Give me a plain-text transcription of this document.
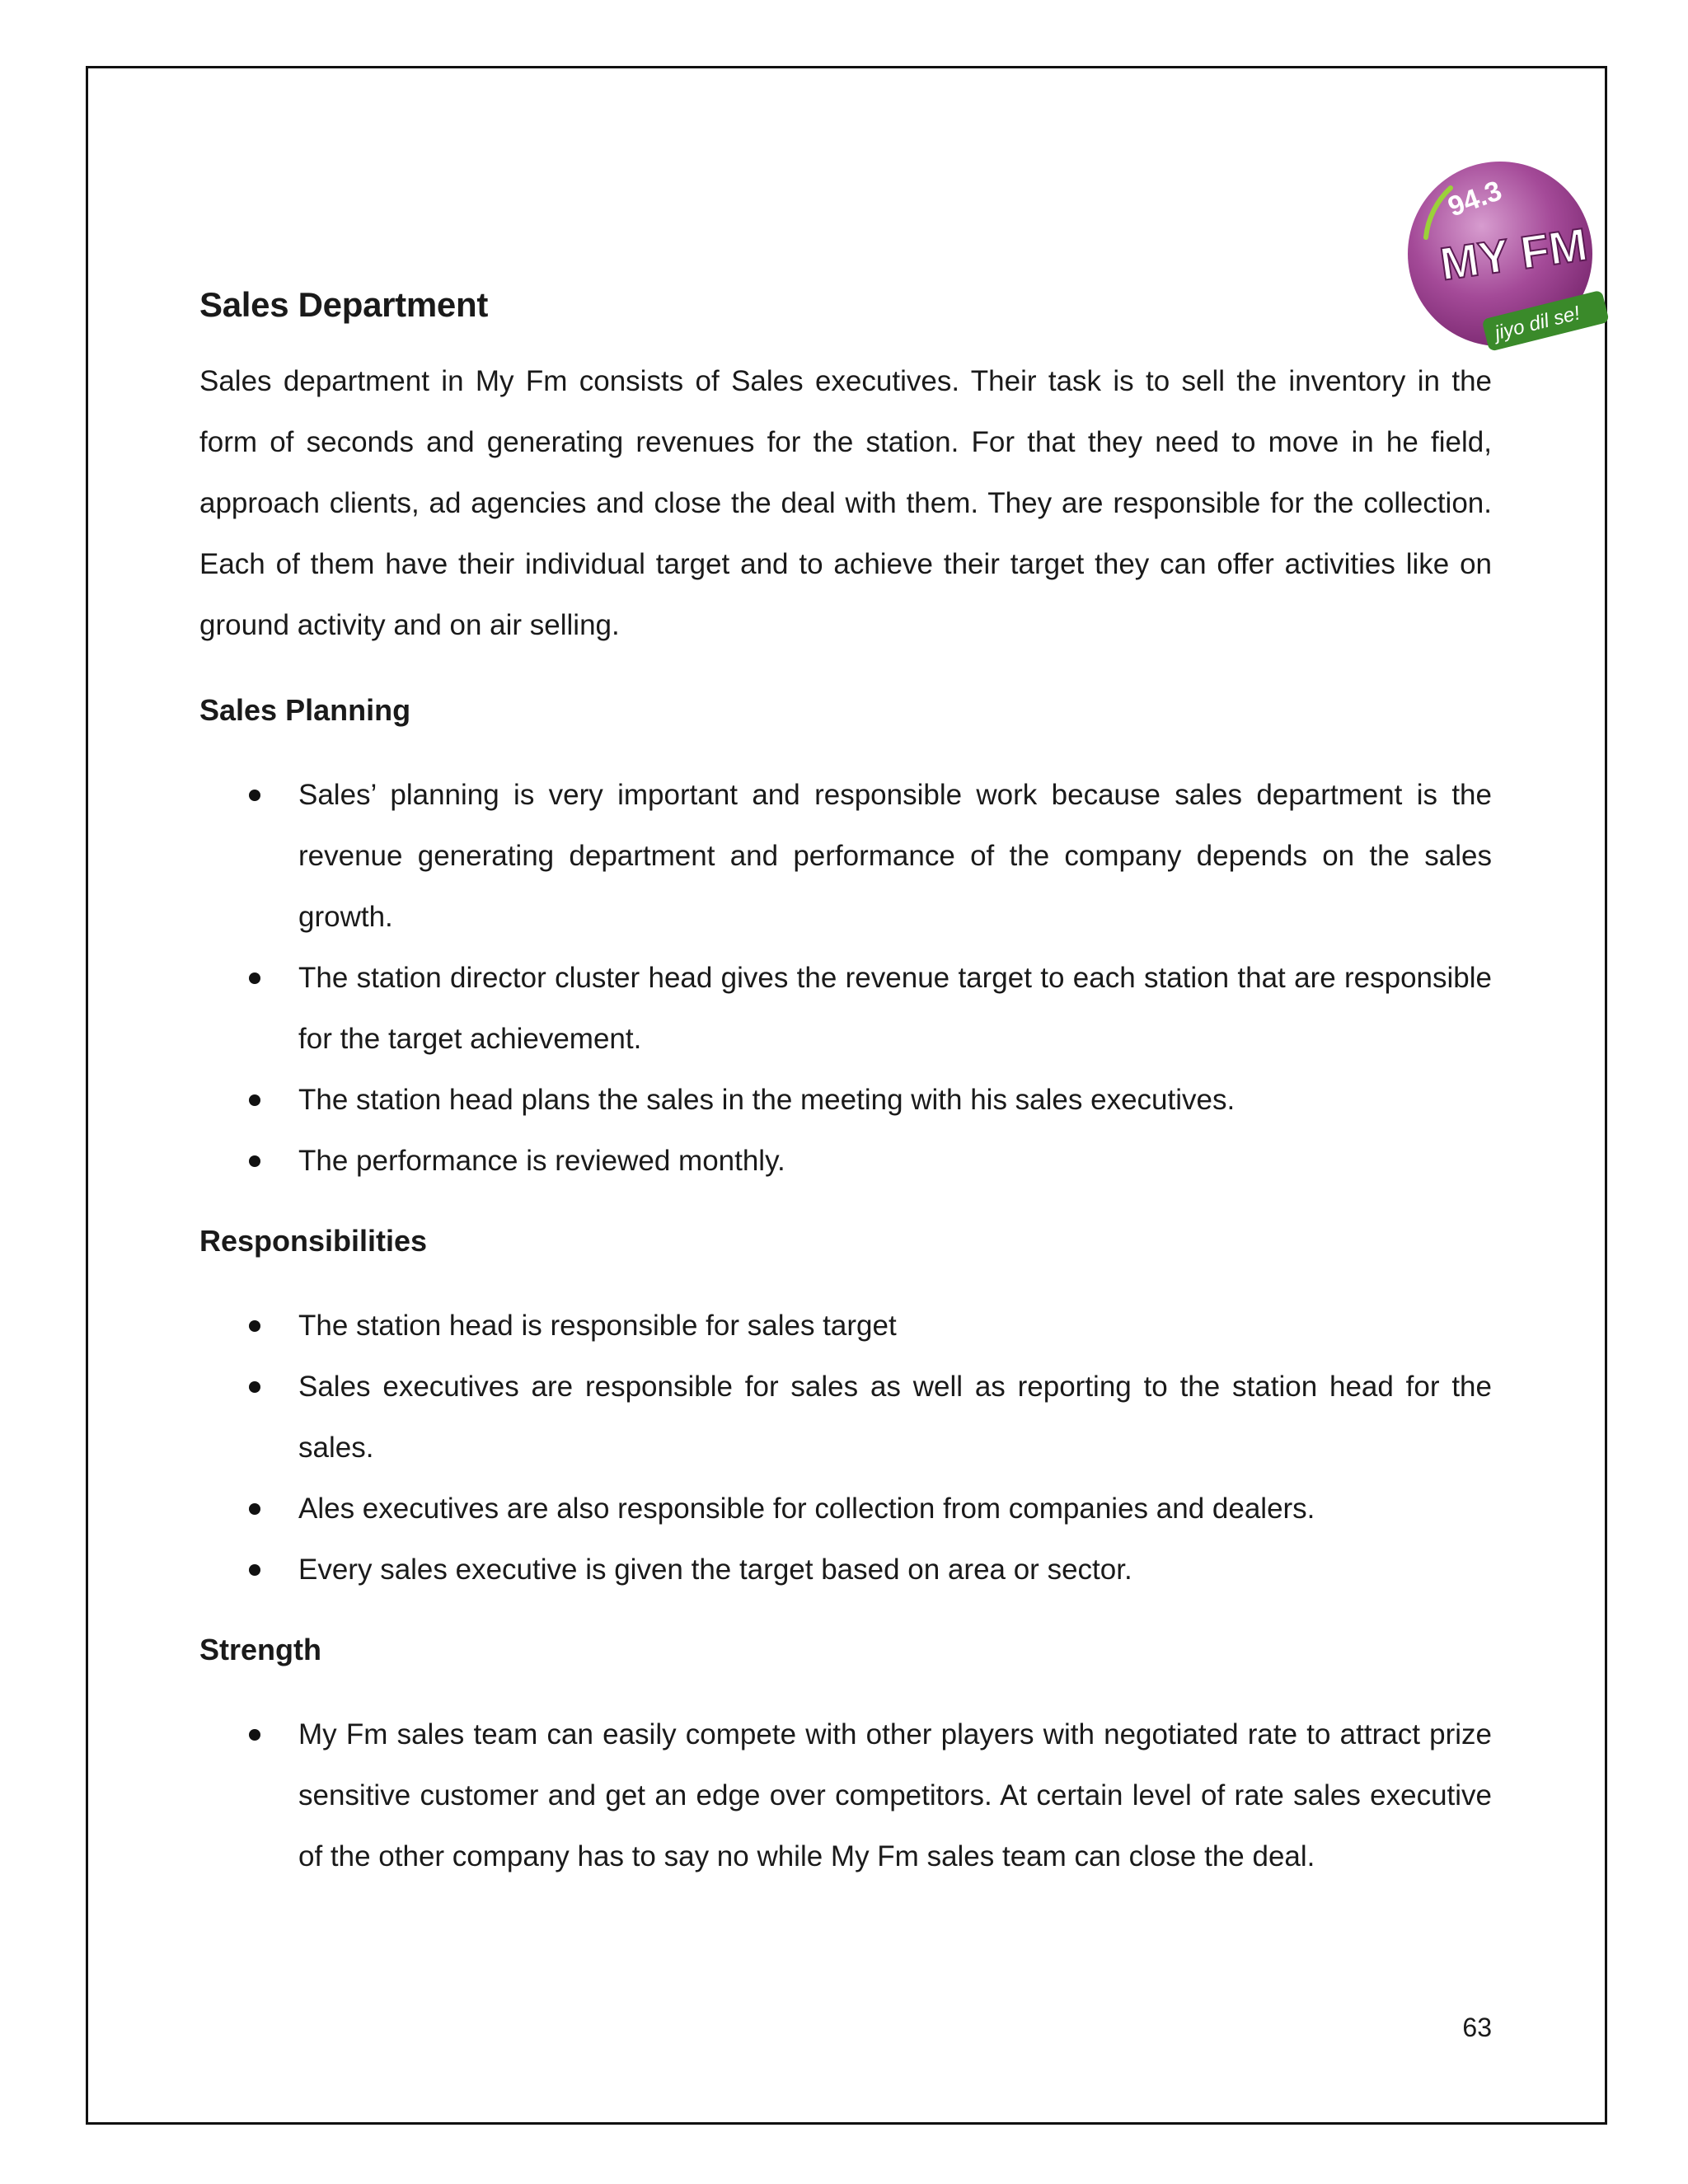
94.3
MY FM
jiyo dil se!
Sales Department

Sales department in My Fm consists of Sales executives. Their task is to sell the inventory in the form of seconds and generating revenues for the station. For that they need to move in he field, approach clients, ad agencies and close the deal with them. They are responsible for the collection. Each of them have their individual target and to achieve their target they can offer activities like on ground activity and on air selling.

Sales Planning
Sales’ planning is very important and responsible work because sales department is the revenue generating department and performance of the company depends on the sales growth.
The station director cluster head gives the revenue target to each station that are responsible for the target achievement.
The station head plans the sales in the meeting with his sales executives.
The performance is reviewed monthly.
Responsibilities
The station head is responsible for sales target
Sales executives are responsible for sales as well as reporting to the station head for the sales.
Ales executives are also responsible for collection from companies and dealers.
Every sales executive is given the target based on area or sector.
Strength
My Fm sales team can easily compete with other players with negotiated rate to attract prize sensitive customer and get an edge over competitors. At certain level of rate sales executive of the other company has to say no while My Fm sales team can close the deal.
63
